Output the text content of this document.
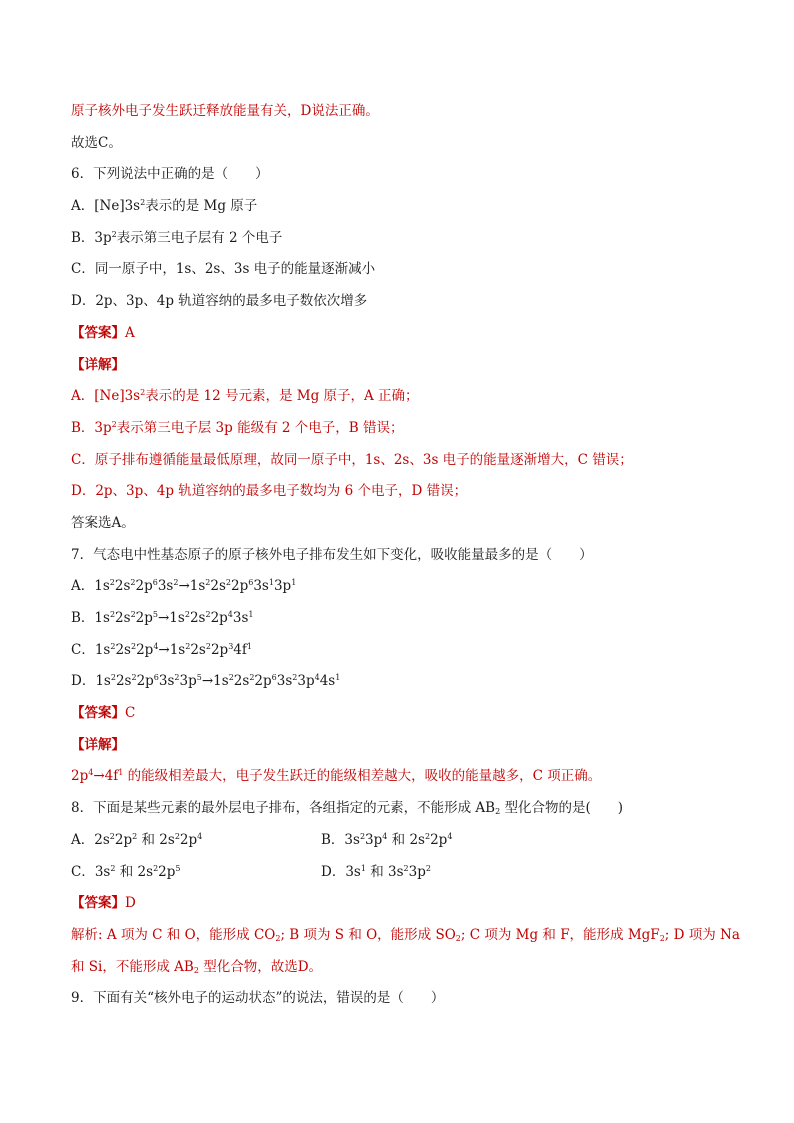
原子核外电子发生跃迁释放能量有关，D说法正确。
故选C。
6．下列说法中正确的是（　　）
A．$[Ne]3s^2$表示的是 Mg 原子
B．$3p^2$表示第三电子层有 2 个电子
C．同一原子中，1s、2s、3s 电子的能量逐渐减小
D．2p、3p、4p 轨道容纳的最多电子数依次增多
【答案】A
【详解】
A．$[Ne]3s^2$表示的是 12 号元素，是 Mg 原子，A 正确；
B．$3p^2$表示第三电子层 3p 能级有 2 个电子，B 错误；
C．原子排布遵循能量最低原理，故同一原子中，1s、2s、3s 电子的能量逐渐增大，C 错误；
D．2p、3p、4p 轨道容纳的最多电子数均为 6 个电子，D 错误；
答案选A。
7．气态电中性基态原子的原子核外电子排布发生如下变化，吸收能量最多的是（　　）
A．$1s^22s^22p^63s^2\to 1s^22s^22p^63s^13p^1$
B．$1s^22s^22p^5\to 1s^22s^22p^43s^1$
C．$1s^22s^22p^4\to 1s^22s^22p^34f^1$
D．$1s^22s^22p^63s^23p^5\to 1s^22s^22p^63s^23p^44s^1$
【答案】C
【详解】
$2p^4\to 4f^1$ 的能级相差最大，电子发生跃迁的能级相差越大，吸收的能量越多，C 项正确。
8．下面是某些元素的最外层电子排布，各组指定的元素，不能形成 $AB_2$ 型化合物的是(　　)
A．$2s^22p^2$ 和 $2s^22p^4$	B．$3s^23p^4$ 和 $2s^22p^4$
C．$3s^2$ 和 $2s^22p^5$	D．$3s^1$ 和 $3s^23p^2$
【答案】D
解析: A 项为 C 和 O，能形成 $CO_2$; B 项为 S 和 O，能形成 $SO_2$; C 项为 Mg 和 F，能形成 MgF$_2$; D 项为 Na
和 Si，不能形成 $AB_2$ 型化合物，故选D。
9．下面有关“核外电子的运动状态”的说法，错误的是（　　）
